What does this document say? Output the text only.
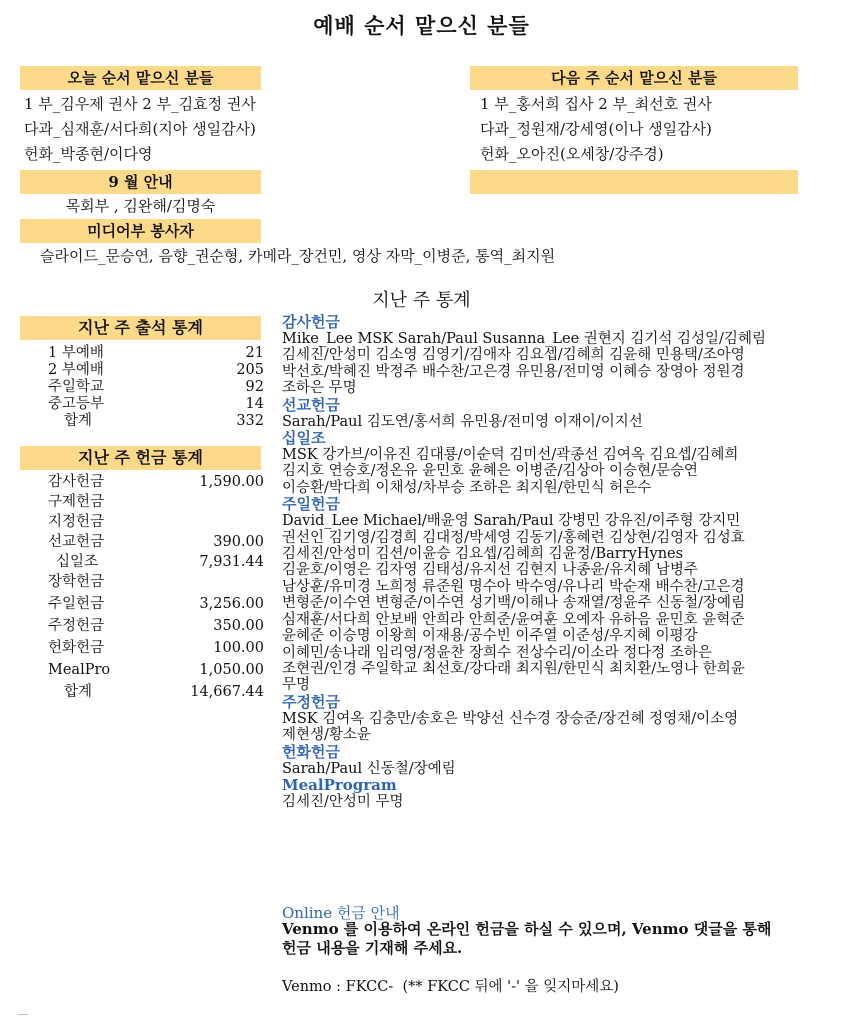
예배 순서 맡으신 분들
오늘 순서 맡으신 분들
1 부_김우제 권사 2 부_김효정 권사
다과_심재훈/서다희(지아 생일감사)
헌화_박종현/이다영
다음 주 순서 맡으신 분들
1 부_홍서희 집사 2 부_최선호 권사
다과_정원재/강세영(이나 생일감사)
헌화_오아진(오세창/강주경)
9 월 안내
목회부 , 김완해/김명숙
미디어부 봉사자
슬라이드_문승연, 음향_권순형, 카메라_장건민, 영상 자막_이병준, 통역_최지원
지난 주 통계
지난 주 출석 통계
1 부예배	21
2 부예배	205
주일학교	92
중고등부	14
합계	332
지난 주 헌금 통계
감사헌금	1,590.00
구제헌금
지정헌금
선교헌금	390.00
십일조	7,931.44
장학헌금
주일헌금	3,256.00
주정헌금	350.00
헌화헌금	100.00
MealPro	1,050.00
합계	14,667.44
감사헌금
Mike_Lee MSK Sarah/Paul Susanna_Lee 권현지 김기석 김성일/김혜림
김세진/안성미 김소영 김영기/김애자 김요셉/김혜희 김윤해 민용택/조아영
박선호/박혜진 박정주 배수찬/고은경 유민용/전미영 이혜승 장영아 정원경
조하은 무명
선교헌금
Sarah/Paul 김도연/홍서희 유민용/전미영 이재이/이지선
십일조
MSK 강가브/이유진 김대룡/이순덕 김미선/곽종선 김여옥 김요셉/김혜희
김지호 연승호/정온유 윤민호 윤혜은 이병준/김상아 이승현/문승연
이승환/박다희 이채성/차부승 조하은 최지원/한민식 허은수
주일헌금
David_Lee Michael/배윤영 Sarah/Paul 강병민 강유진/이주형 강지민
권선인 김기영/김경희 김대정/박세영 김동기/홍혜련 김상현/김영자 김성효
김세진/안성미 김션/이윤승 김요셉/김혜희 김윤정/BarryHynes
김윤호/이영은 김자영 김태성/유지선 김현지 나종윤/유지혜 남병주
남상훈/유미경 노희정 류준원 명수아 박수영/유나리 박순재 배수찬/고은경
변형준/이수연 변형준/이수연 성기백/이해나 송재열/정윤주 신동철/장예림
심재훈/서다희 안보배 안희라 안희준/윤여훈 오예자 유하음 윤민호 윤혁준
윤혜준 이승명 이왕희 이재용/공수빈 이주열 이준성/우지혜 이평강
이혜민/송나래 임리영/정윤찬 장희수 전상수리/이소라 정다정 조하은
조현권/인경 주일학교 최선호/강다래 최지원/한민식 최치환/노영나 한희윤
무명
주정헌금
MSK 김여옥 김충만/송호은 박양선 신수경 장승준/장건혜 정영채/이소영
제현생/황소윤
헌화헌금
Sarah/Paul 신동철/장예림
MealProgram
김세진/안성미 무명
Online 헌금 안내
Venmo 를 이용하여 온라인 헌금을 하실 수 있으며, Venmo 댓글을 통해
헌금 내용을 기재해 주세요.
Venmo : FKCC-  (** FKCC 뒤에 '-' 을 잊지마세요)
